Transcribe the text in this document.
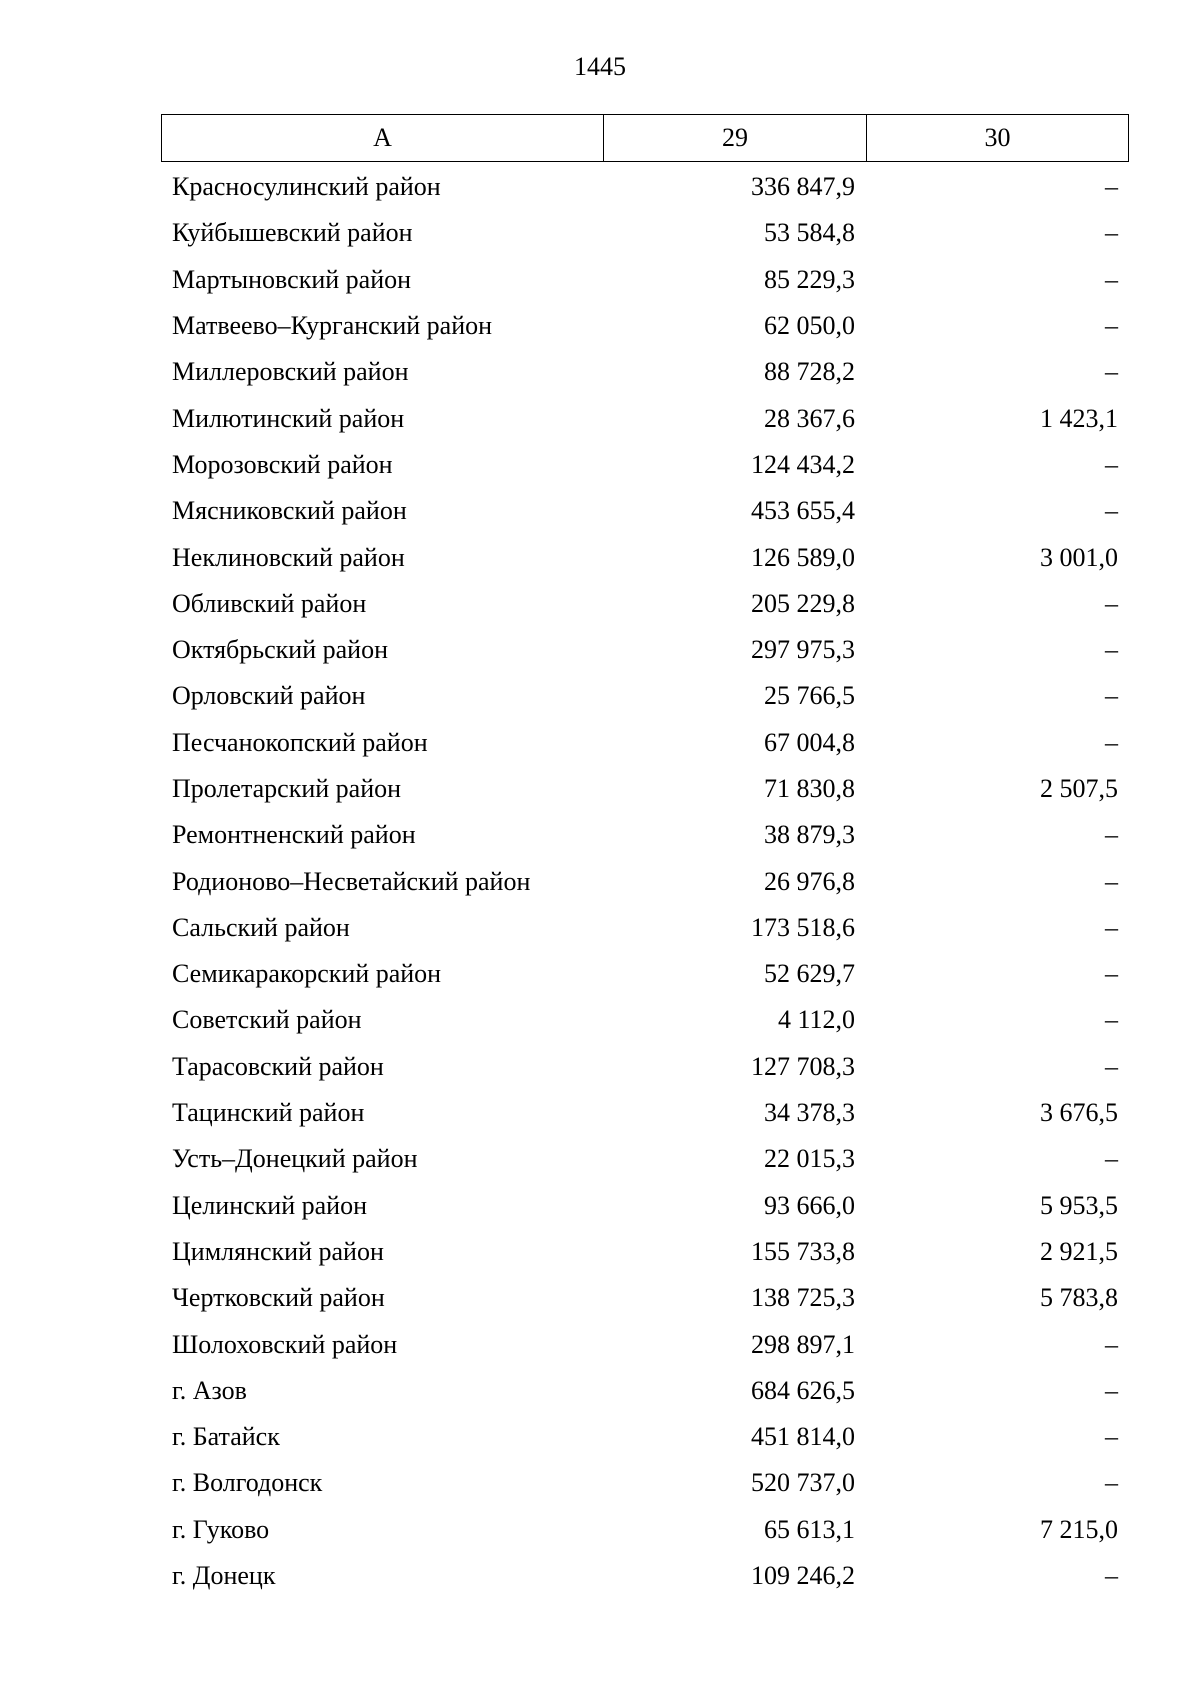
1445
А	29	30
Красносулинский район	336 847,9	–
Куйбышевский район	53 584,8	–
Мартыновский район	85 229,3	–
Матвеево–Курганский район	62 050,0	–
Миллеровский район	88 728,2	–
Милютинский район	28 367,6	1 423,1
Морозовский район	124 434,2	–
Мясниковский район	453 655,4	–
Неклиновский район	126 589,0	3 001,0
Обливский район	205 229,8	–
Октябрьский район	297 975,3	–
Орловский район	25 766,5	–
Песчанокопский район	67 004,8	–
Пролетарский район	71 830,8	2 507,5
Ремонтненский район	38 879,3	–
Родионово–Несветайский район	26 976,8	–
Сальский район	173 518,6	–
Семикаракорский район	52 629,7	–
Советский район	4 112,0	–
Тарасовский район	127 708,3	–
Тацинский район	34 378,3	3 676,5
Усть–Донецкий район	22 015,3	–
Целинский район	93 666,0	5 953,5
Цимлянский район	155 733,8	2 921,5
Чертковский район	138 725,3	5 783,8
Шолоховский район	298 897,1	–
г. Азов	684 626,5	–
г. Батайск	451 814,0	–
г. Волгодонск	520 737,0	–
г. Гуково	65 613,1	7 215,0
г. Донецк	109 246,2	–
